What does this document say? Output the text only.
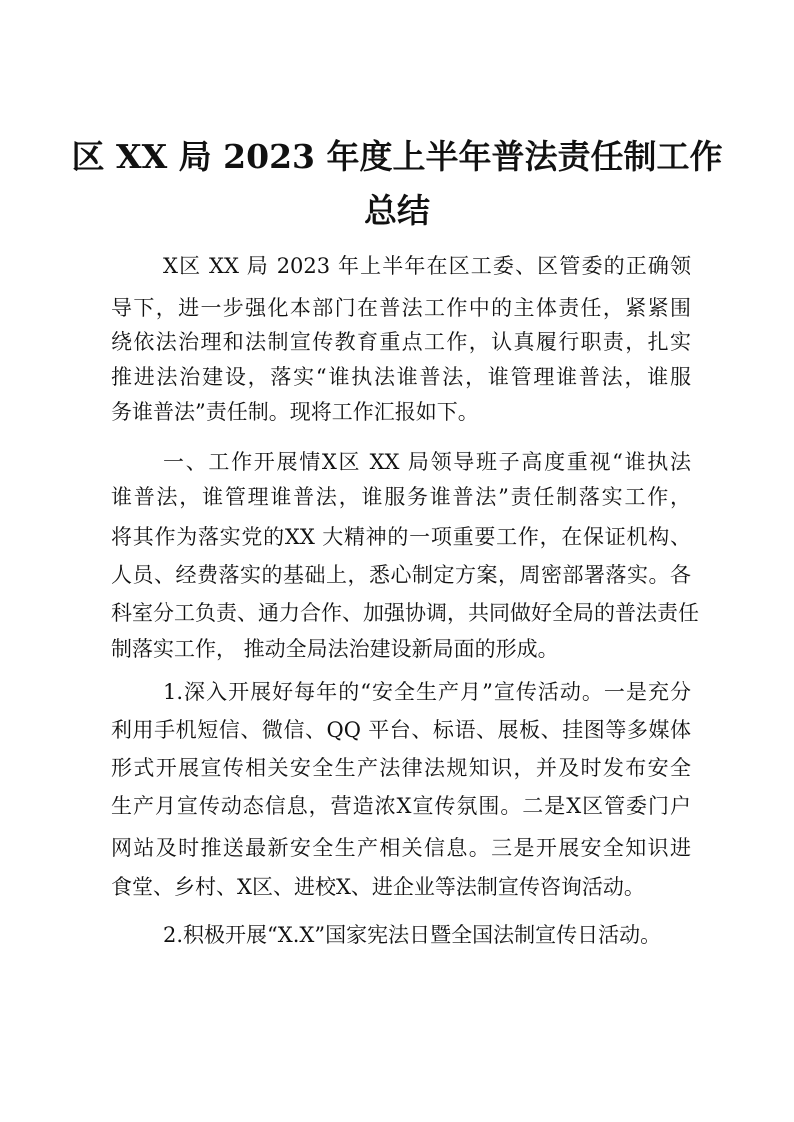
区 XX 局 2023 年度上半年普法责任制工作
总结
X区 XX 局 2023 年上半年在区工委、区管委的正确领
导下，进一步强化本部门在普法工作中的主体责任，紧紧围
绕依法治理和法制宣传教育重点工作，认真履行职责，扎实
推进法治建设，落实“谁执法谁普法，谁管理谁普法，谁服
务谁普法”责任制。现将工作汇报如下。
一、工作开展情X区 XX 局领导班子高度重视“谁执法
谁普法，谁管理谁普法，谁服务谁普法”责任制落实工作，
将其作为落实党的XX 大精神的一项重要工作，在保证机构、
人员、经费落实的基础上，悉心制定方案，周密部署落实。各
科室分工负责、通力合作、加强协调，共同做好全局的普法责任
制落实工作， 推动全局法治建设新局面的形成。
1.深入开展好每年的“安全生产月”宣传活动。一是充分
利用手机短信、微信、QQ 平台、标语、展板、挂图等多媒体
形式开展宣传相关安全生产法律法规知识，并及时发布安全
生产月宣传动态信息，营造浓X宣传氛围。二是X区管委门户
网站及时推送最新安全生产相关信息。三是开展安全知识进
食堂、乡村、X区、进校X、进企业等法制宣传咨询活动。
2.积极开展“X.X”国家宪法日暨全国法制宣传日活动。
